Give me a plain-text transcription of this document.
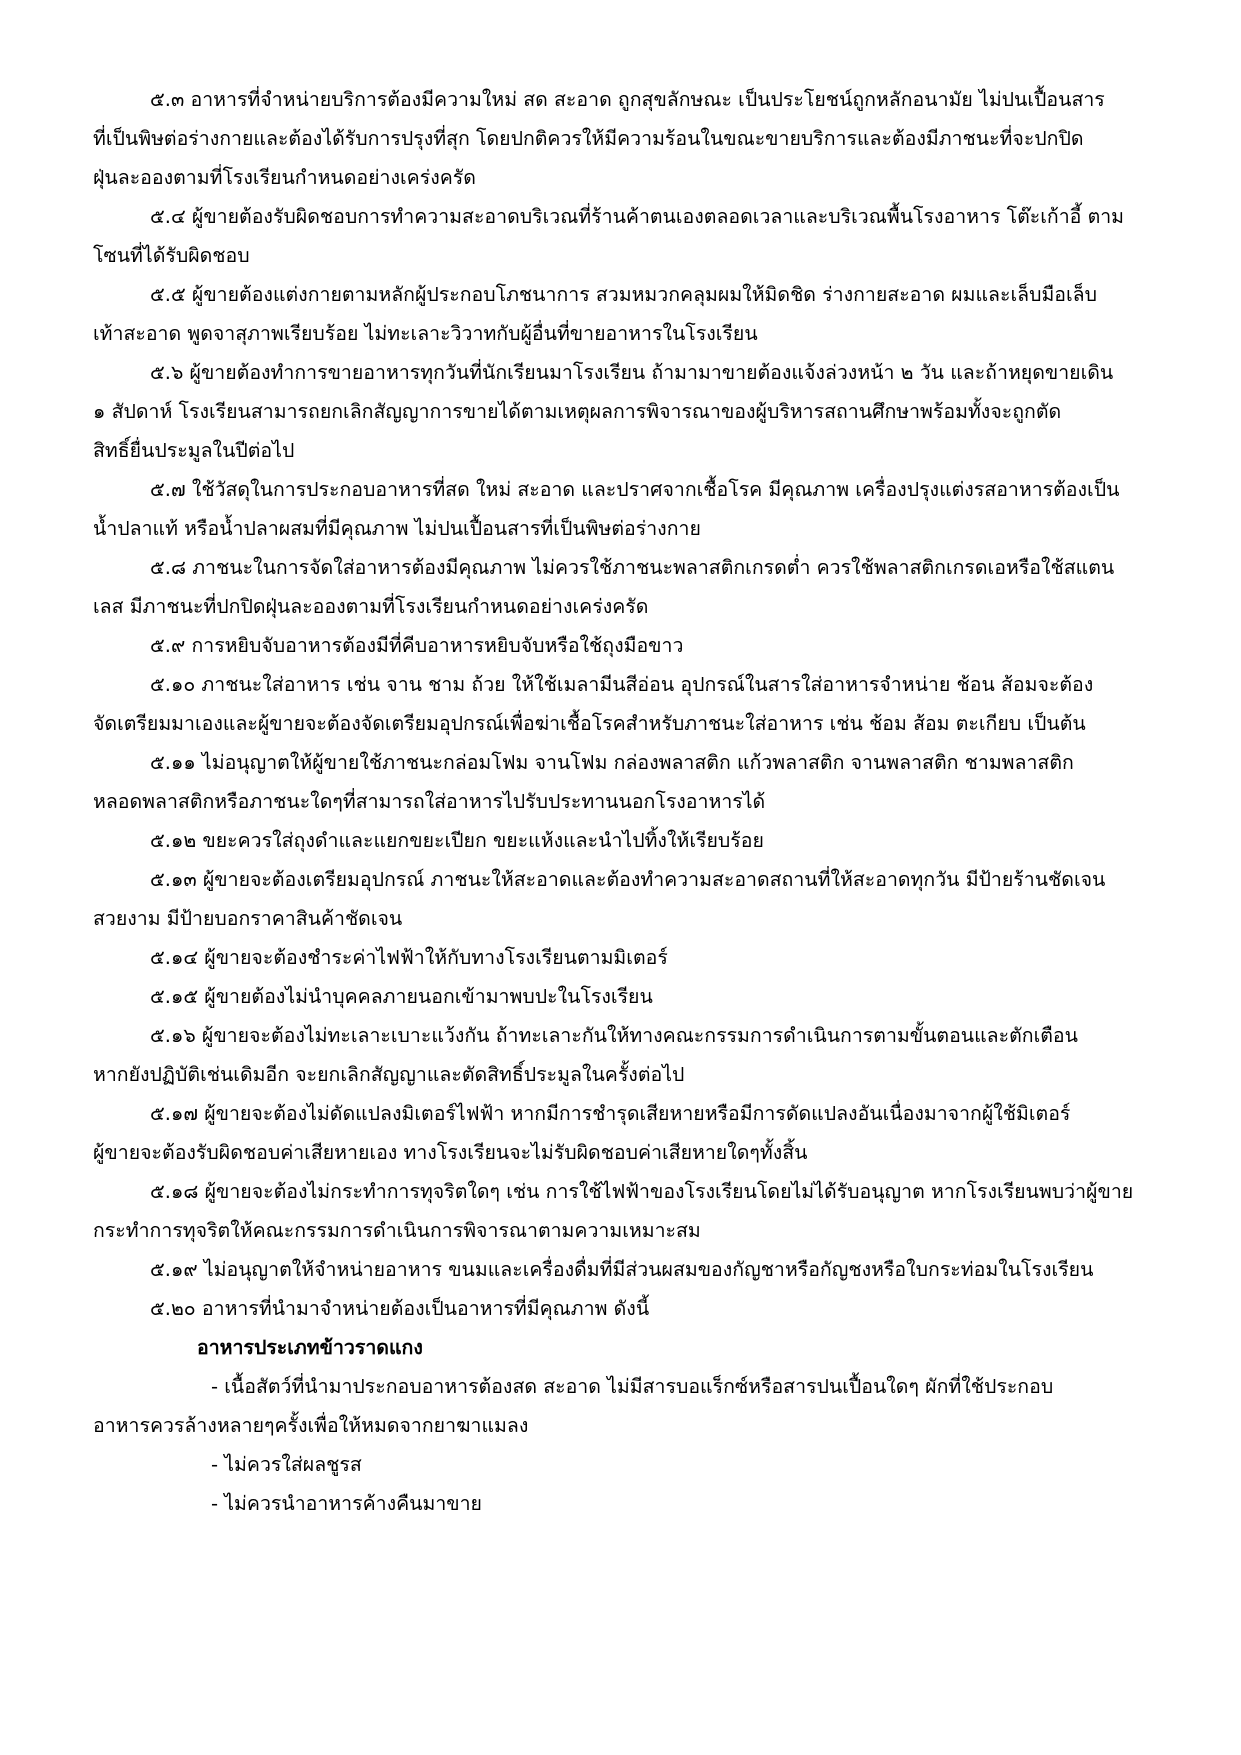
๕.๓ อาหารที่จำหน่ายบริการต้องมีความใหม่ สด สะอาด ถูกสุขลักษณะ เป็นประโยชน์ถูกหลักอนามัย ไม่ปนเปื้อนสาร
ที่เป็นพิษต่อร่างกายและต้องได้รับการปรุงที่สุก โดยปกติควรให้มีความร้อนในขณะขายบริการและต้องมีภาชนะที่จะปกปิด
ฝุ่นละอองตามที่โรงเรียนกำหนดอย่างเคร่งครัด
๕.๔ ผู้ขายต้องรับผิดชอบการทำความสะอาดบริเวณที่ร้านค้าตนเองตลอดเวลาและบริเวณพื้นโรงอาหาร โต๊ะเก้าอี้ ตาม
โซนที่ได้รับผิดชอบ
๕.๕ ผู้ขายต้องแต่งกายตามหลักผู้ประกอบโภชนาการ สวมหมวกคลุมผมให้มิดชิด ร่างกายสะอาด ผมและเล็บมือเล็บ
เท้าสะอาด พูดจาสุภาพเรียบร้อย ไม่ทะเลาะวิวาทกับผู้อื่นที่ขายอาหารในโรงเรียน
๕.๖ ผู้ขายต้องทำการขายอาหารทุกวันที่นักเรียนมาโรงเรียน ถ้ามามาขายต้องแจ้งล่วงหน้า ๒ วัน และถ้าหยุดขายเดิน
๑ สัปดาห์ โรงเรียนสามารถยกเลิกสัญญาการขายได้ตามเหตุผลการพิจารณาของผู้บริหารสถานศึกษาพร้อมทั้งจะถูกตัด
สิทธิ์ยื่นประมูลในปีต่อไป
๕.๗ ใช้วัสดุในการประกอบอาหารที่สด ใหม่ สะอาด และปราศจากเชื้อโรค มีคุณภาพ เครื่องปรุงแต่งรสอาหารต้องเป็น
น้ำปลาแท้ หรือน้ำปลาผสมที่มีคุณภาพ ไม่ปนเปื้อนสารที่เป็นพิษต่อร่างกาย
๕.๘ ภาชนะในการจัดใส่อาหารต้องมีคุณภาพ ไม่ควรใช้ภาชนะพลาสติกเกรดต่ำ ควรใช้พลาสติกเกรดเอหรือใช้สแตน
เลส มีภาชนะที่ปกปิดฝุ่นละอองตามที่โรงเรียนกำหนดอย่างเคร่งครัด
๕.๙ การหยิบจับอาหารต้องมีที่คีบอาหารหยิบจับหรือใช้ถุงมือขาว
๕.๑๐ ภาชนะใส่อาหาร เช่น จาน ชาม ถ้วย ให้ใช้เมลามีนสีอ่อน อุปกรณ์ในสารใส่อาหารจำหน่าย ช้อน ส้อมจะต้อง
จัดเตรียมมาเองและผู้ขายจะต้องจัดเตรียมอุปกรณ์เพื่อฆ่าเชื้อโรคสำหรับภาชนะใส่อาหาร เช่น ช้อม ส้อม ตะเกียบ เป็นต้น
๕.๑๑ ไม่อนุญาตให้ผู้ขายใช้ภาชนะกล่อมโฟม จานโฟม กล่องพลาสติก แก้วพลาสติก จานพลาสติก ชามพลาสติก
หลอดพลาสติกหรือภาชนะใดๆที่สามารถใส่อาหารไปรับประทานนอกโรงอาหารได้
๕.๑๒ ขยะควรใส่ถุงดำและแยกขยะเปียก ขยะแห้งและนำไปทิ้งให้เรียบร้อย
๕.๑๓ ผู้ขายจะต้องเตรียมอุปกรณ์ ภาชนะให้สะอาดและต้องทำความสะอาดสถานที่ให้สะอาดทุกวัน มีป้ายร้านชัดเจน
สวยงาม มีป้ายบอกราคาสินค้าชัดเจน
๕.๑๔ ผู้ขายจะต้องชำระค่าไฟฟ้าให้กับทางโรงเรียนตามมิเตอร์
๕.๑๕ ผู้ขายต้องไม่นำบุคคลภายนอกเข้ามาพบปะในโรงเรียน
๕.๑๖ ผู้ขายจะต้องไม่ทะเลาะเบาะแว้งกัน ถ้าทะเลาะกันให้ทางคณะกรรมการดำเนินการตามขั้นตอนและตักเตือน
หากยังปฏิบัติเช่นเดิมอีก จะยกเลิกสัญญาและตัดสิทธิ์ประมูลในครั้งต่อไป
๕.๑๗ ผู้ขายจะต้องไม่ดัดแปลงมิเตอร์ไฟฟ้า หากมีการชำรุดเสียหายหรือมีการดัดแปลงอันเนื่องมาจากผู้ใช้มิเตอร์
ผู้ขายจะต้องรับผิดชอบค่าเสียหายเอง ทางโรงเรียนจะไม่รับผิดชอบค่าเสียหายใดๆทั้งสิ้น
๕.๑๘ ผู้ขายจะต้องไม่กระทำการทุจริตใดๆ เช่น การใช้ไฟฟ้าของโรงเรียนโดยไม่ได้รับอนุญาต หากโรงเรียนพบว่าผู้ขาย
กระทำการทุจริตให้คณะกรรมการดำเนินการพิจารณาตามความเหมาะสม
๕.๑๙ ไม่อนุญาตให้จำหน่ายอาหาร ขนมและเครื่องดื่มที่มีส่วนผสมของกัญชาหรือกัญชงหรือใบกระท่อมในโรงเรียน
๕.๒๐ อาหารที่นำมาจำหน่ายต้องเป็นอาหารที่มีคุณภาพ ดังนี้
อาหารประเภทข้าวราดแกง
- เนื้อสัตว์ที่นำมาประกอบอาหารต้องสด สะอาด ไม่มีสารบอแร็กซ์หรือสารปนเปื้อนใดๆ ผักที่ใช้ประกอบ
อาหารควรล้างหลายๆครั้งเพื่อให้หมดจากยาฆาแมลง
- ไม่ควรใส่ผลชูรส
- ไม่ควรนำอาหารค้างคืนมาขาย
